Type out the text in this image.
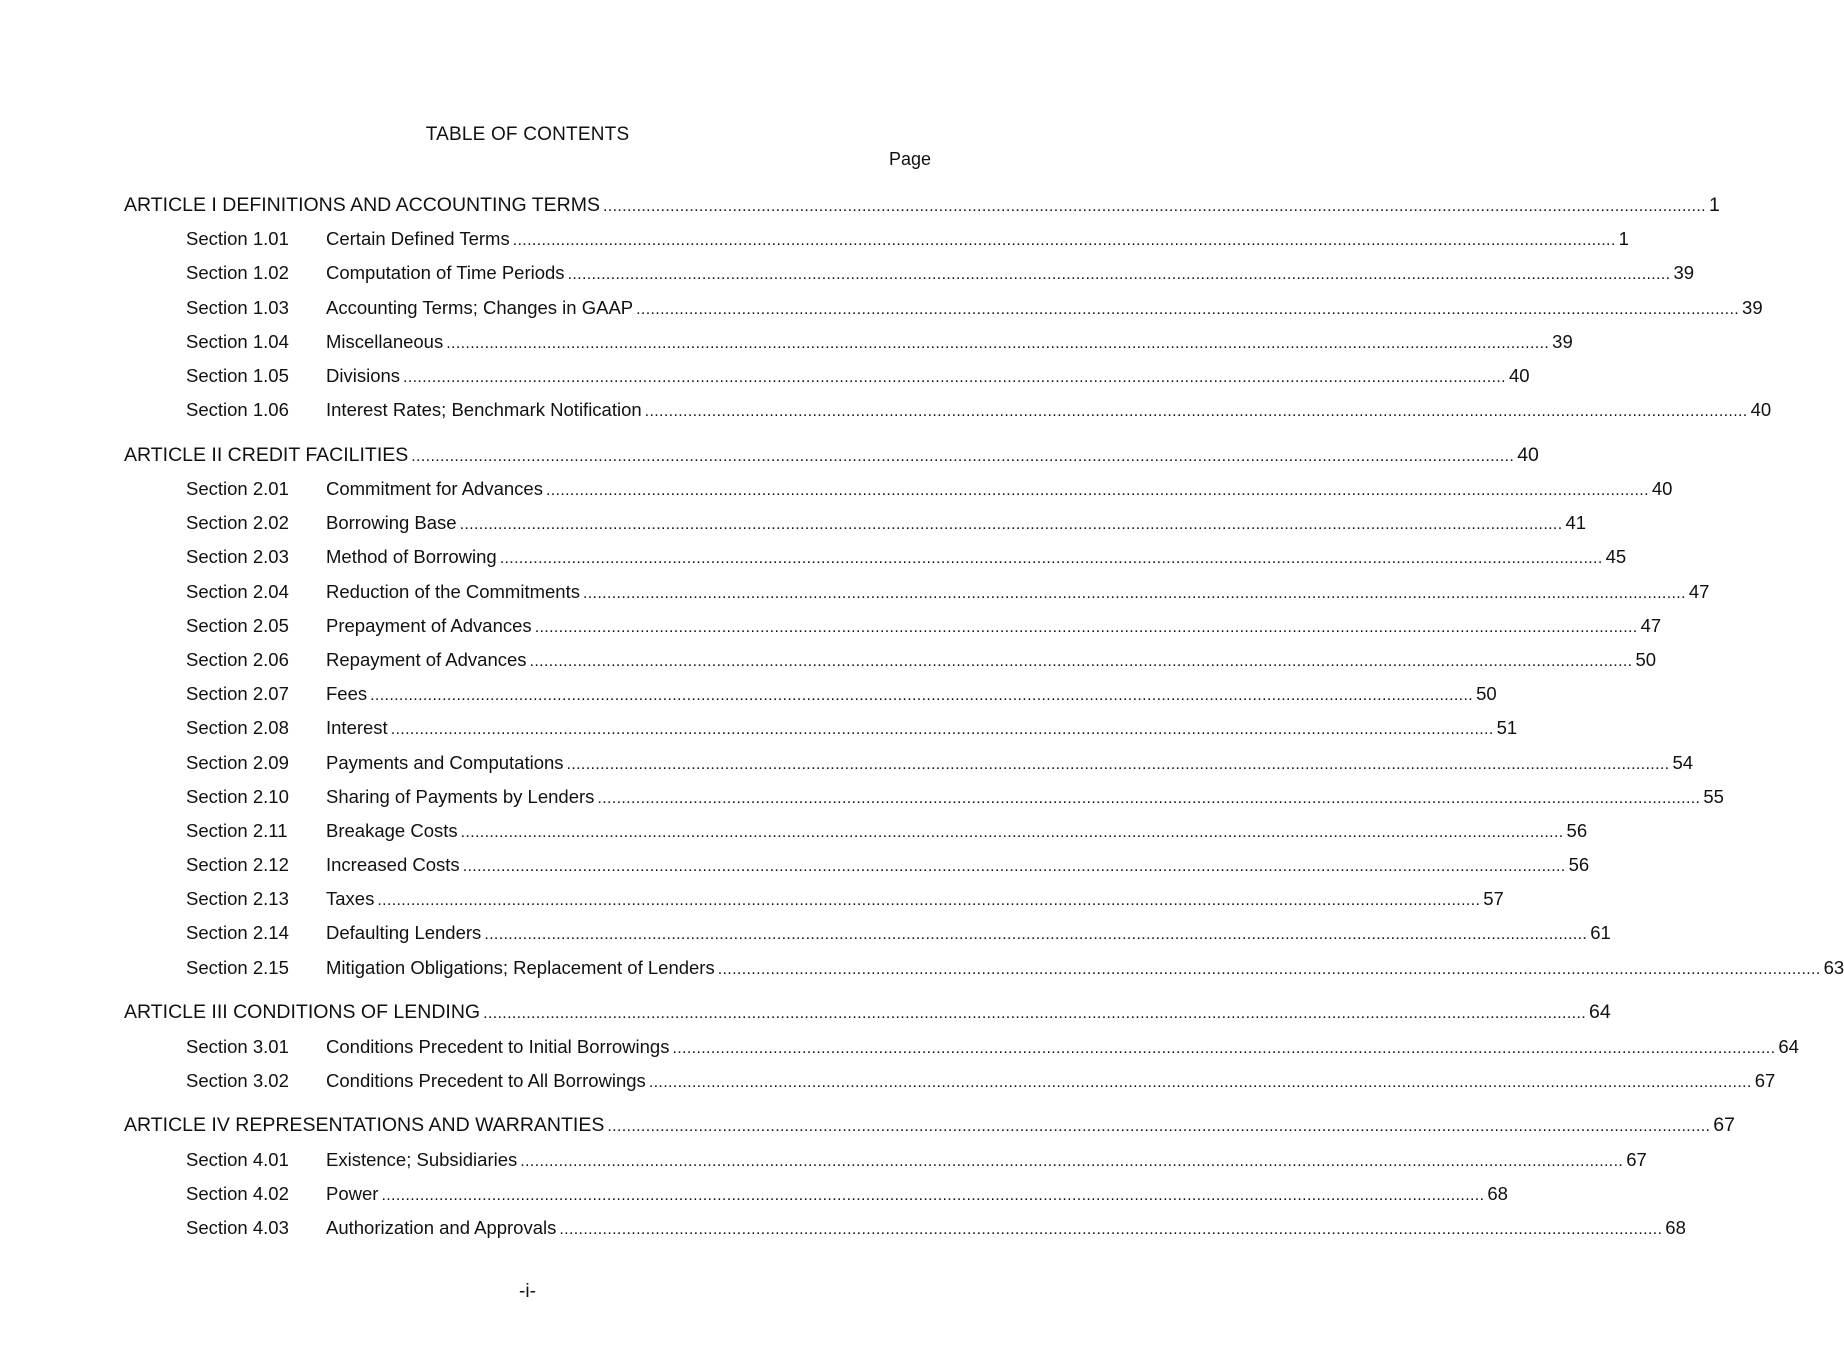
TABLE OF CONTENTS
Page
ARTICLE I DEFINITIONS AND ACCOUNTING TERMS ...................................................................................................................................................................................................................................... 1
Section 1.01	Certain Defined Terms ...................................................................................................................................................................................................................................... 1
Section 1.02	Computation of Time Periods ...................................................................................................................................................................................................................................... 39
Section 1.03	Accounting Terms; Changes in GAAP ...................................................................................................................................................................................................................................... 39
Section 1.04	Miscellaneous ...................................................................................................................................................................................................................................... 39
Section 1.05	Divisions ...................................................................................................................................................................................................................................... 40
Section 1.06	Interest Rates; Benchmark Notification ...................................................................................................................................................................................................................................... 40
ARTICLE II CREDIT FACILITIES ...................................................................................................................................................................................................................................... 40
Section 2.01	Commitment for Advances ...................................................................................................................................................................................................................................... 40
Section 2.02	Borrowing Base ...................................................................................................................................................................................................................................... 41
Section 2.03	Method of Borrowing ...................................................................................................................................................................................................................................... 45
Section 2.04	Reduction of the Commitments ...................................................................................................................................................................................................................................... 47
Section 2.05	Prepayment of Advances ...................................................................................................................................................................................................................................... 47
Section 2.06	Repayment of Advances ...................................................................................................................................................................................................................................... 50
Section 2.07	Fees ...................................................................................................................................................................................................................................... 50
Section 2.08	Interest ...................................................................................................................................................................................................................................... 51
Section 2.09	Payments and Computations ...................................................................................................................................................................................................................................... 54
Section 2.10	Sharing of Payments by Lenders ...................................................................................................................................................................................................................................... 55
Section 2.11	Breakage Costs ...................................................................................................................................................................................................................................... 56
Section 2.12	Increased Costs ...................................................................................................................................................................................................................................... 56
Section 2.13	Taxes ...................................................................................................................................................................................................................................... 57
Section 2.14	Defaulting Lenders ...................................................................................................................................................................................................................................... 61
Section 2.15	Mitigation Obligations; Replacement of Lenders ...................................................................................................................................................................................................................................... 63
ARTICLE III CONDITIONS OF LENDING ...................................................................................................................................................................................................................................... 64
Section 3.01	Conditions Precedent to Initial Borrowings ...................................................................................................................................................................................................................................... 64
Section 3.02	Conditions Precedent to All Borrowings ...................................................................................................................................................................................................................................... 67
ARTICLE IV REPRESENTATIONS AND WARRANTIES ...................................................................................................................................................................................................................................... 67
Section 4.01	Existence; Subsidiaries ...................................................................................................................................................................................................................................... 67
Section 4.02	Power ...................................................................................................................................................................................................................................... 68
Section 4.03	Authorization and Approvals ...................................................................................................................................................................................................................................... 68
-i-
